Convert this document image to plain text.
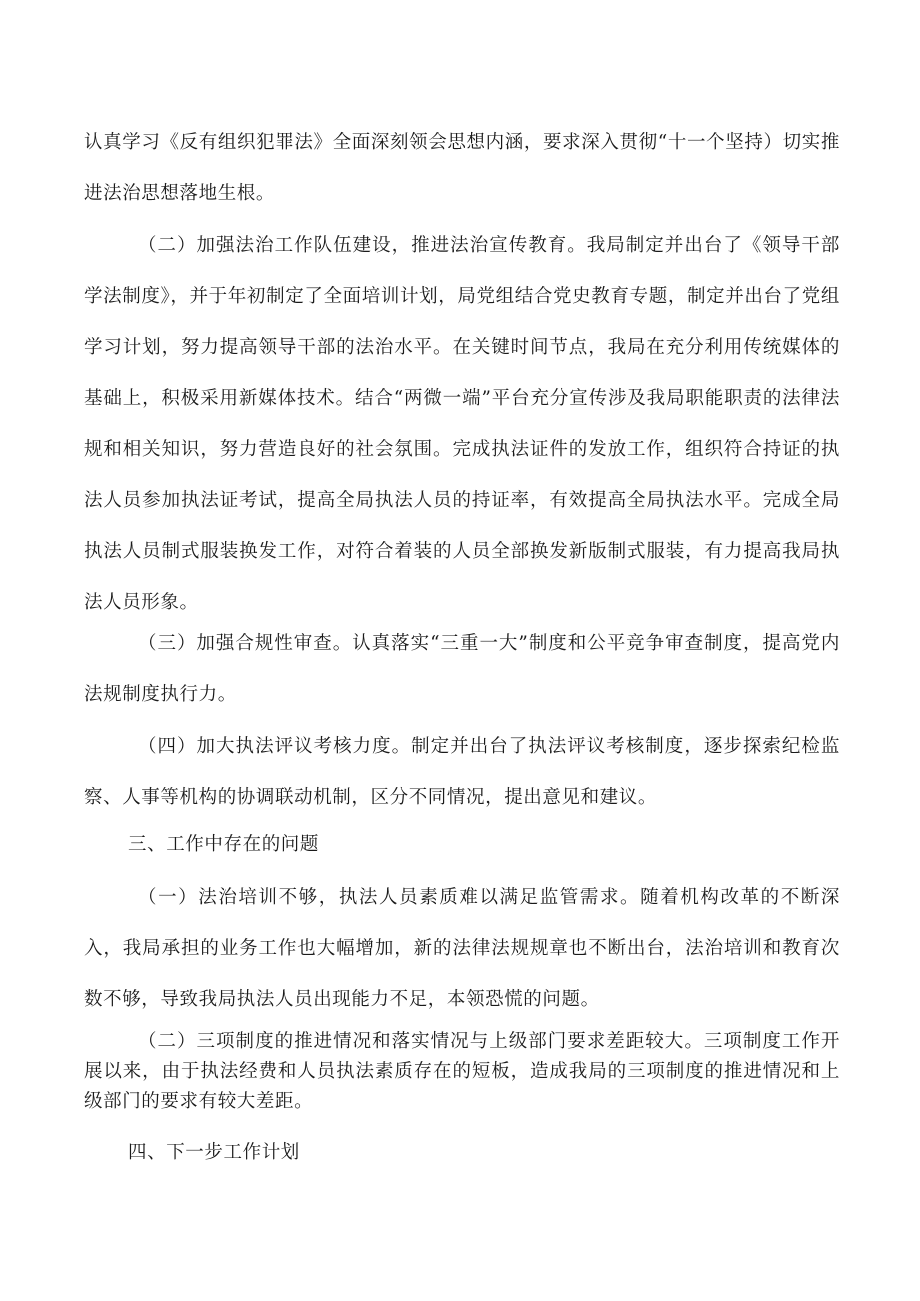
认真学习《反有组织犯罪法》全面深刻领会思想内涵，要求深入贯彻“十一个坚持）切实推进法治思想落地生根。

（二）加强法治工作队伍建设，推进法治宣传教育。我局制定并出台了《领导干部学法制度》，并于年初制定了全面培训计划，局党组结合党史教育专题，制定并出台了党组学习计划，努力提高领导干部的法治水平。在关键时间节点，我局在充分利用传统媒体的基础上，积极采用新媒体技术。结合“两微一端”平台充分宣传涉及我局职能职责的法律法规和相关知识，努力营造良好的社会氛围。完成执法证件的发放工作，组织符合持证的执法人员参加执法证考试，提高全局执法人员的持证率，有效提高全局执法水平。完成全局执法人员制式服装换发工作，对符合着装的人员全部换发新版制式服装，有力提高我局执法人员形象。

（三）加强合规性审查。认真落实“三重一大”制度和公平竞争审查制度，提高党内法规制度执行力。

（四）加大执法评议考核力度。制定并出台了执法评议考核制度，逐步探索纪检监察、人事等机构的协调联动机制，区分不同情况，提出意见和建议。

三、工作中存在的问题

（一）法治培训不够，执法人员素质难以满足监管需求。随着机构改革的不断深入，我局承担的业务工作也大幅增加，新的法律法规规章也不断出台，法治培训和教育次数不够，导致我局执法人员出现能力不足，本领恐慌的问题。

（二）三项制度的推进情况和落实情况与上级部门要求差距较大。三项制度工作开展以来，由于执法经费和人员执法素质存在的短板，造成我局的三项制度的推进情况和上级部门的要求有较大差距。

四、下一步工作计划
